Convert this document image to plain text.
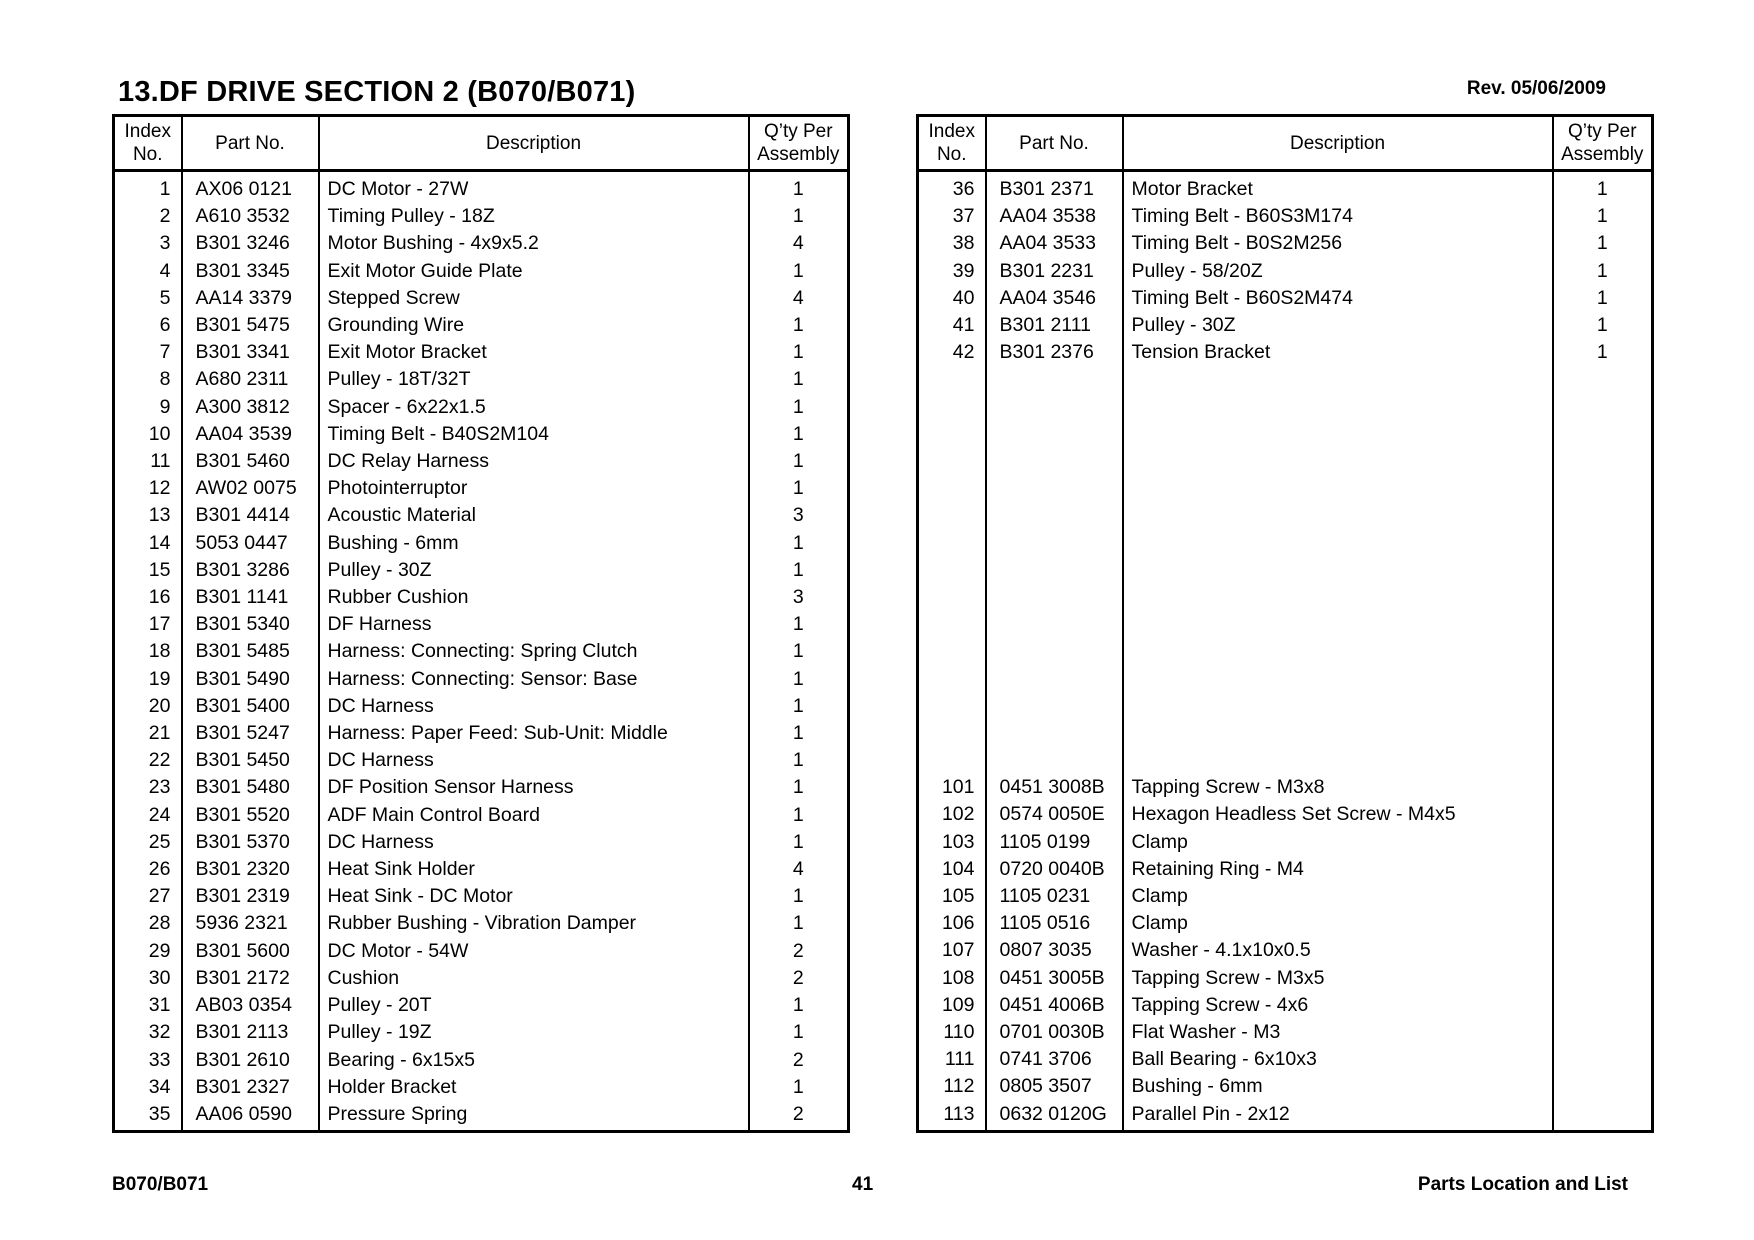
13.DF DRIVE SECTION 2 (B070/B071)	Rev. 05/06/2009
Index
No.	Part No.	Description	Q’ty Per
Assembly
1	AX06 0121	DC Motor - 27W	1
2	A610 3532	Timing Pulley - 18Z	1
3	B301 3246	Motor Bushing - 4x9x5.2	4
4	B301 3345	Exit Motor Guide Plate	1
5	AA14 3379	Stepped Screw	4
6	B301 5475	Grounding Wire	1
7	B301 3341	Exit Motor Bracket	1
8	A680 2311	Pulley - 18T/32T	1
9	A300 3812	Spacer - 6x22x1.5	1
10	AA04 3539	Timing Belt - B40S2M104	1
11	B301 5460	DC Relay Harness	1
12	AW02 0075	Photointerruptor	1
13	B301 4414	Acoustic Material	3
14	5053 0447	Bushing - 6mm	1
15	B301 3286	Pulley - 30Z	1
16	B301 1141	Rubber Cushion	3
17	B301 5340	DF Harness	1
18	B301 5485	Harness: Connecting: Spring Clutch	1
19	B301 5490	Harness: Connecting: Sensor: Base	1
20	B301 5400	DC Harness	1
21	B301 5247	Harness: Paper Feed: Sub-Unit: Middle	1
22	B301 5450	DC Harness	1
23	B301 5480	DF Position Sensor Harness	1
24	B301 5520	ADF Main Control Board	1
25	B301 5370	DC Harness	1
26	B301 2320	Heat Sink Holder	4
27	B301 2319	Heat Sink - DC Motor	1
28	5936 2321	Rubber Bushing - Vibration Damper	1
29	B301 5600	DC Motor - 54W	2
30	B301 2172	Cushion	2
31	AB03 0354	Pulley - 20T	1
32	B301 2113	Pulley - 19Z	1
33	B301 2610	Bearing - 6x15x5	2
34	B301 2327	Holder Bracket	1
35	AA06 0590	Pressure Spring	2
Index
No.	Part No.	Description	Q’ty Per
Assembly
36	B301 2371	Motor Bracket	1
37	AA04 3538	Timing Belt - B60S3M174	1
38	AA04 3533	Timing Belt - B0S2M256	1
39	B301 2231	Pulley - 58/20Z	1
40	AA04 3546	Timing Belt - B60S2M474	1
41	B301 2111	Pulley - 30Z	1
42	B301 2376	Tension Bracket	1

101	0451 3008B	Tapping Screw - M3x8	
102	0574 0050E	Hexagon Headless Set Screw - M4x5	
103	1105 0199	Clamp	
104	0720 0040B	Retaining Ring - M4	
105	1105 0231	Clamp	
106	1105 0516	Clamp	
107	0807 3035	Washer - 4.1x10x0.5	
108	0451 3005B	Tapping Screw - M3x5	
109	0451 4006B	Tapping Screw - 4x6	
110	0701 0030B	Flat Washer - M3	
111	0741 3706	Ball Bearing - 6x10x3	
112	0805 3507	Bushing - 6mm	
113	0632 0120G	Parallel Pin - 2x12	
B070/B071	41	Parts Location and List
